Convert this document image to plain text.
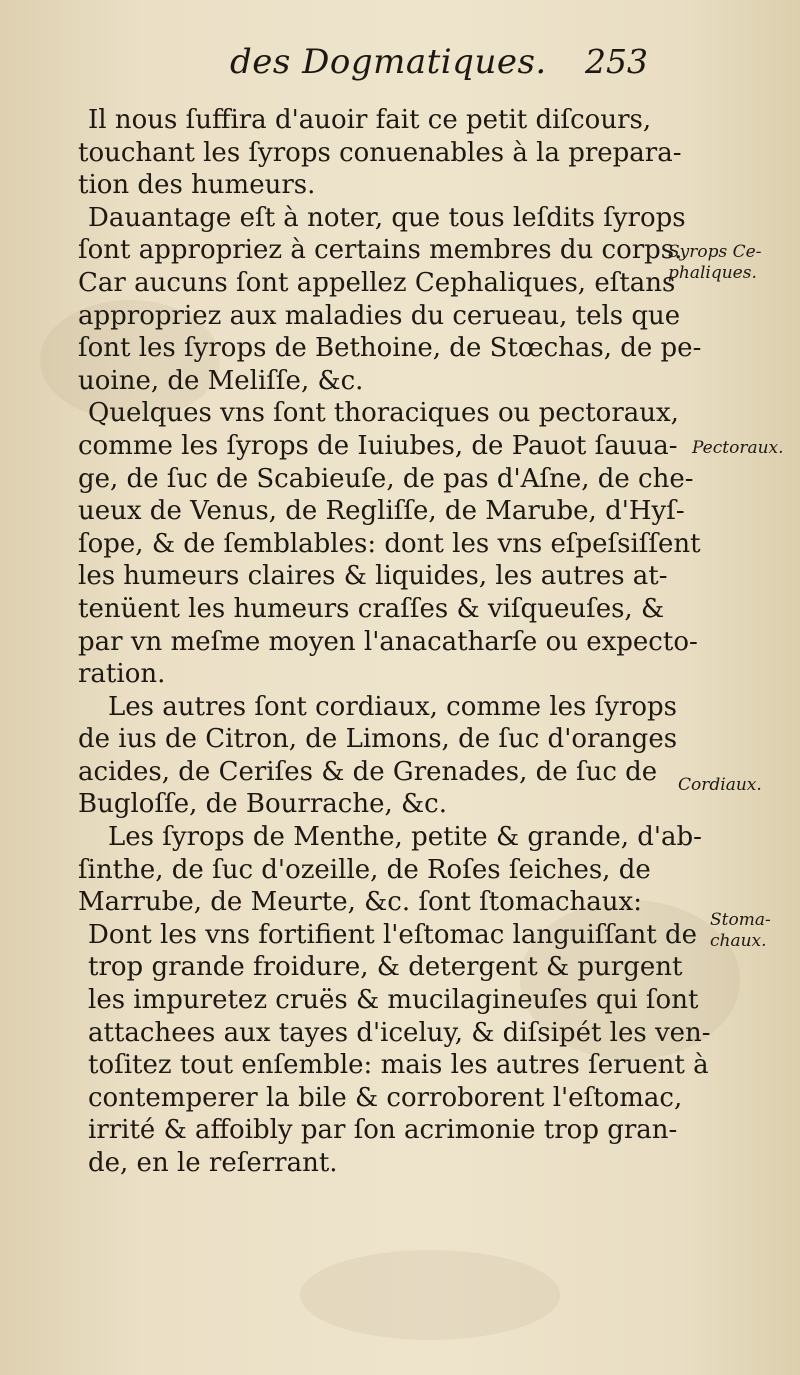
des Dogmatiques. 253
Il nous ſuffira d'auoir fait ce petit diſcours,
touchant les ſyrops conuenables à la prepara-
tion des humeurs.
Dauantage eſt à noter, que tous leſdits ſyrops
ſont appropriez à certains membres du corps.
Car aucuns ſont appellez Cephaliques, eſtans
appropriez aux maladies du cerueau, tels que
ſont les ſyrops de Bethoine, de Stœchas, de pe-
uoine, de Meliſſe, &c.
Quelques vns ſont thoraciques ou pectoraux,
comme les ſyrops de Iuiubes, de Pauot ſauua-
ge, de ſuc de Scabieuſe, de pas d'Aſne, de che-
ueux de Venus, de Regliſſe, de Marube, d'Hyſ-
ſope, & de ſemblables: dont les vns eſpeſsiſſent
les humeurs claires & liquides, les autres at-
tenüent les humeurs craſſes & viſqueuſes, &
par vn meſme moyen l'anacatharſe ou expecto-
ration.
Les autres ſont cordiaux, comme les ſyrops
de ius de Citron, de Limons, de ſuc d'oranges
acides, de Ceriſes & de Grenades, de ſuc de
Bugloſſe, de Bourrache, &c.
Les ſyrops de Menthe, petite & grande, d'ab-
ſinthe, de ſuc d'ozeille, de Roſes ſeiches, de
Marrube, de Meurte, &c. ſont ſtomachaux:
Dont les vns fortifient l'eſtomac languiſſant de
trop grande froidure, & detergent & purgent
les impuretez cruës & mucilagineuſes qui ſont
attachees aux tayes d'iceluy, & diſsipét les ven-
toſitez tout enſemble: mais les autres ſeruent à
contemperer la bile & corroborent l'eſtomac,
irrité & affoibly par ſon acrimonie trop gran-
de, en le reſerrant.
Syrops Ce-
phaliques.
Pectoraux.
Cordiaux.
Stoma-
chaux.
